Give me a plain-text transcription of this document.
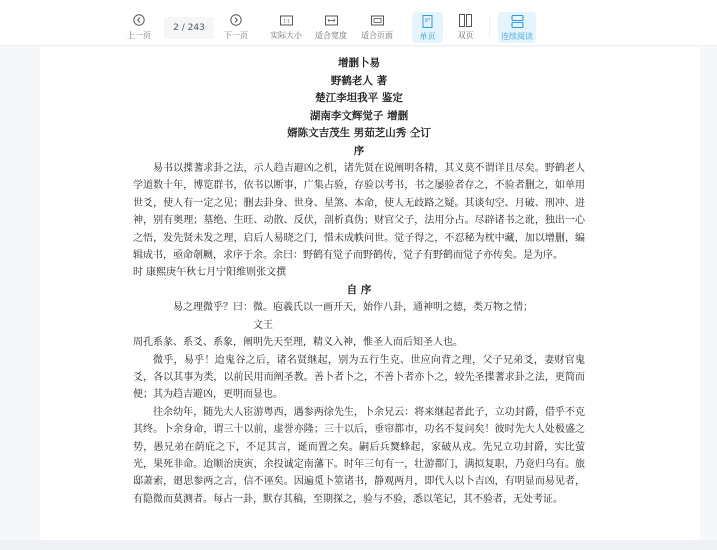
上一页
2 / 243
下一页
1:1
实际大小 适合宽度 适合页面	单页	双页	连续阅读
增删卜易
野鹤老人 著
楚江李坦我平 鉴定
湖南李文辉觉子 增删
婿陈文吉茂生 男茹芝山秀 仝订
序
易书以揲蓍求卦之法，示人趋吉避凶之机，诸先贤在说阐明各精，其义莫不谓详且尽矣。野鹤老人学道数十年，博览群书，依书以断事，广集占验，存验以考书，书之屡验者存之，不验者删之，如单用世爻，使人有一定之见；删去卦身、世身、星煞、本命，使人无歧路之疑。其谈旬空、月破、刑冲、进神，别有奥理；墓绝、生旺、动散、反伏，剖析真伪；财官父子，法用分占。尽辟诸书之讹，独出一心之悟，发先贤未发之理，启后人易晓之门，惜未成帙问世。觉子得之，不忍秘为枕中藏，加以增删，编辑成书，亟命剞劂，求序于余。余曰：野鹤有觉子而野鹤传，觉子有野鹤而觉子亦传矣。是为序。
时 康熙庚午秋七月宁阳维则张文撰
自 序
易之理微乎？曰：微。庖羲氏以一画开天，始作八卦，通神明之德，类万物之情；
文王
周孔系彖、系爻、系象，阐明先天至理，精义入神，惟圣人而后知圣人也。
微乎，易乎！迨鬼谷之后，诸名贤继起，别为五行生克、世应向背之理，父子兄弟爻，妻财官鬼爻，各以其事为类，以前民用而阐圣教。善卜者卜之，不善卜者亦卜之，较先圣揲蓍求卦之法，更简而便；其为趋吉避凶，更明而显也。
往余幼年，随先大人宦游粤西，遇参两徐先生，卜余兄云：将来继起者此子，立功封爵，借乎不克其终。卜余身命，谓三十以前，虚誉亦隆；三十以后，垂帘都市，功名不复问矣！彼时先大人处极盛之势，愚兄弟在荫庇之下，不足其言，诞而置之矣。嗣后兵燹蜂起，家破从戎。先兄立功封爵，实比萤光，果死非命。迨顺治庚寅，余投诚定南藩下。时年三旬有一，壮游都门，满拟复职，乃竟归乌有。旅邸萧索，廻思参两之言，信不诬矣。因遍觅卜筮诸书，静观两月，即代人以卜吉凶，有明显而易见者，有隐微而莫测者。每占一卦，默存其稿，至期探之，验与不验，悉以笔记，其不验者，无处考证。
